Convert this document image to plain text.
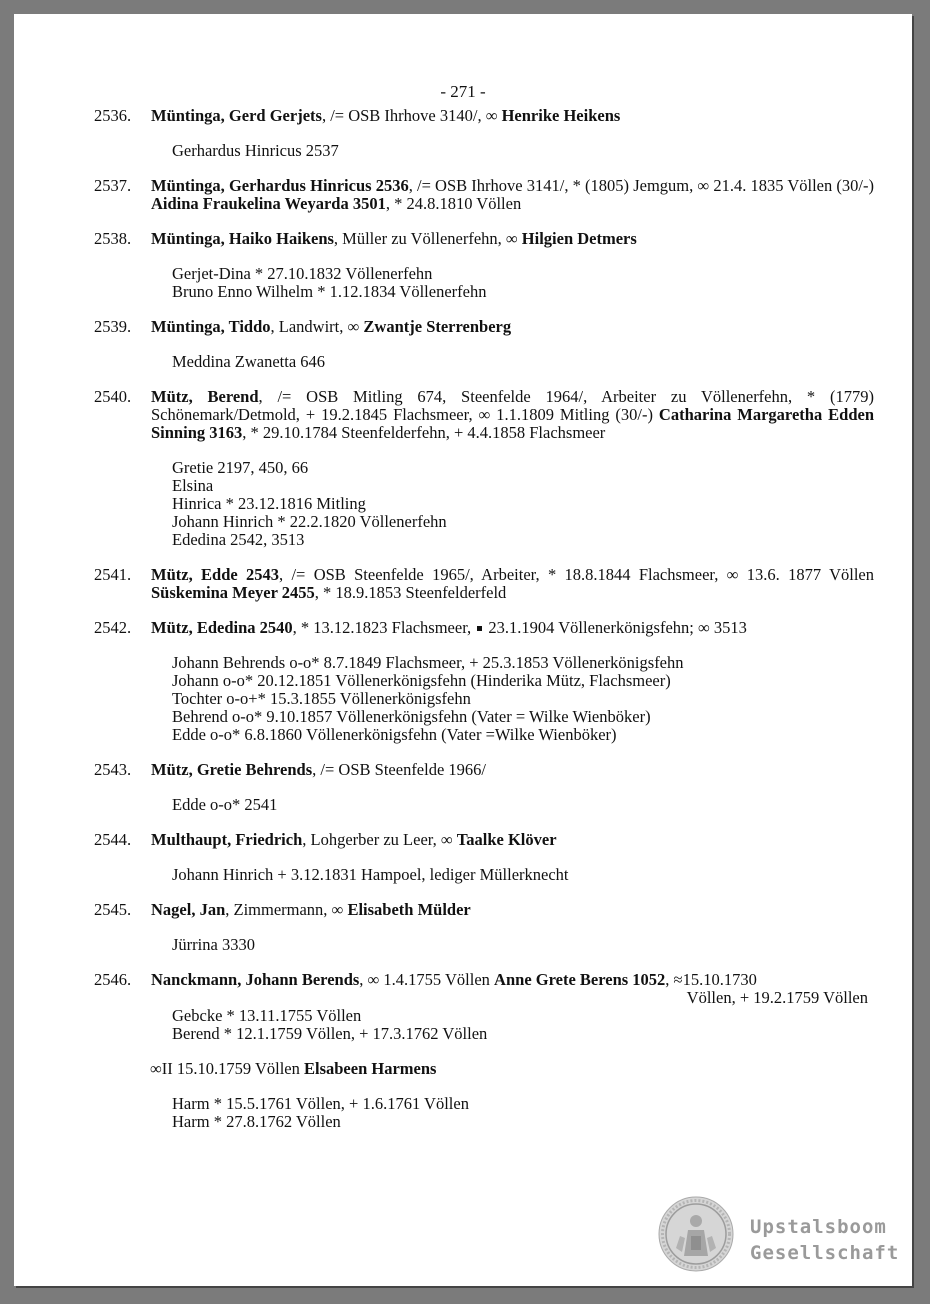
- 271 -
2536.	Müntinga, Gerd Gerjets, /= OSB Ihrhove 3140/, ∞ Henrike Heikens
Gerhardus Hinricus 2537
2537.	Müntinga, Gerhardus Hinricus 2536, /= OSB Ihrhove 3141/, * (1805) Jemgum, ∞ 21.4. 1835 Völlen (30/-) Aidina Fraukelina Weyarda 3501, * 24.8.1810 Völlen
2538.	Müntinga, Haiko Haikens, Müller zu Völlenerfehn, ∞ Hilgien Detmers
Gerjet-Dina * 27.10.1832 Völlenerfehn
Bruno Enno Wilhelm * 1.12.1834 Völlenerfehn
2539.	Müntinga, Tiddo, Landwirt, ∞ Zwantje Sterrenberg
Meddina Zwanetta 646
2540.	Mütz, Berend, /= OSB Mitling 674, Steenfelde 1964/, Arbeiter zu Völlenerfehn, * (1779) Schönemark/Detmold, + 19.2.1845 Flachsmeer, ∞ 1.1.1809 Mitling (30/-) Catharina Margaretha Edden Sinning 3163, * 29.10.1784 Steenfelderfehn, + 4.4.1858 Flachsmeer
Gretie 2197, 450, 66
Elsina
Hinrica * 23.12.1816 Mitling
Johann Hinrich * 22.2.1820 Völlenerfehn
Ededina 2542, 3513
2541.	Mütz, Edde 2543, /= OSB Steenfelde 1965/, Arbeiter, * 18.8.1844 Flachsmeer, ∞ 13.6. 1877 Völlen Süskemina Meyer 2455, * 18.9.1853 Steenfelderfeld
2542.	Mütz, Ededina 2540, * 13.12.1823 Flachsmeer,  23.1.1904 Völlenerkönigsfehn; ∞ 3513
Johann Behrends o-o* 8.7.1849 Flachsmeer, + 25.3.1853 Völlenerkönigsfehn
Johann o-o* 20.12.1851 Völlenerkönigsfehn (Hinderika Mütz, Flachsmeer)
Tochter o-o+* 15.3.1855 Völlenerkönigsfehn
Behrend o-o* 9.10.1857 Völlenerkönigsfehn (Vater = Wilke Wienböker)
Edde o-o* 6.8.1860 Völlenerkönigsfehn (Vater =Wilke Wienböker)
2543.	Mütz, Gretie Behrends, /= OSB Steenfelde 1966/
Edde o-o* 2541
2544.	Multhaupt, Friedrich, Lohgerber zu Leer, ∞ Taalke Klöver
Johann Hinrich + 3.12.1831 Hampoel, lediger Müllerknecht
2545.	Nagel, Jan, Zimmermann, ∞ Elisabeth Mülder
Jürrina 3330
2546.	Nanckmann, Johann Berends, ∞ 1.4.1755 Völlen Anne Grete Berens 1052, ≈15.10.1730
Völlen, + 19.2.1759 Völlen
Gebcke * 13.11.1755 Völlen
Berend * 12.1.1759 Völlen, + 17.3.1762 Völlen
∞II 15.10.1759 Völlen Elsabeen Harmens
Harm * 15.5.1761 Völlen, + 1.6.1761 Völlen
Harm * 27.8.1762 Völlen
Upstalsboom
Gesellschaft
